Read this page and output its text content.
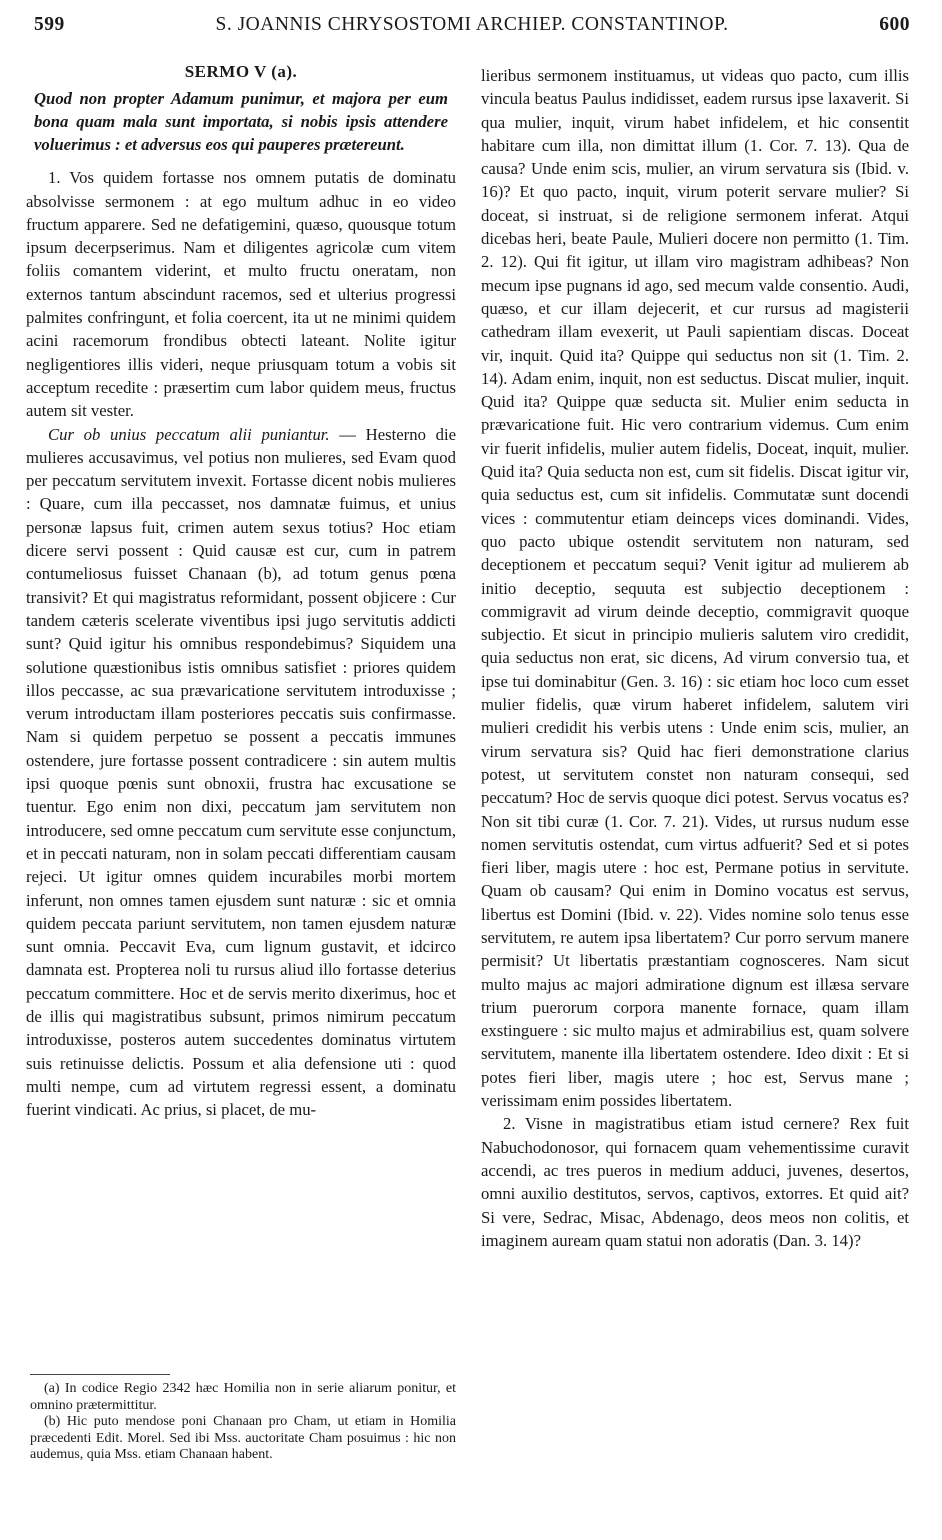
599	S. JOANNIS CHRYSOSTOMI ARCHIEP. CONSTANTINOP.	600
SERMO V (a).
Quod non propter Adamum punimur, et majora per eum bona quam mala sunt importata, si nobis ipsis attendere voluerimus : et adversus eos qui pauperes prætereunt.

1. Vos quidem fortasse nos omnem putatis de dominatu absolvisse sermonem : at ego multum adhuc in eo video fructum apparere. Sed ne defatigemini, quæso, quousque totum ipsum decerpserimus. Nam et diligentes agricolæ cum vitem foliis comantem viderint, et multo fructu oneratam, non externos tantum abscindunt racemos, sed et ulterius progressi palmites confringunt, et folia coercent, ita ut ne minimi quidem acini racemorum frondibus obtecti lateant. Nolite igitur negligentiores illis videri, neque priusquam totum a vobis sit acceptum recedite : præsertim cum labor quidem meus, fructus autem sit vester.

Cur ob unius peccatum alii puniantur. — Hesterno die mulieres accusavimus, vel potius non mulieres, sed Evam quod per peccatum servitutem invexit. Fortasse dicent nobis mulieres : Quare, cum illa peccasset, nos damnatæ fuimus, et unius personæ lapsus fuit, crimen autem sexus totius? Hoc etiam dicere servi possent : Quid causæ est cur, cum in patrem contumeliosus fuisset Chanaan (b), ad totum genus pœna transivit? Et qui magistratus reformidant, possent objicere : Cur tandem cæteris scelerate viventibus ipsi jugo servitutis addicti sunt? Quid igitur his omnibus respondebimus? Siquidem una solutione quæstionibus istis omnibus satisfiet : priores quidem illos peccasse, ac sua prævaricatione servitutem introduxisse ; verum introductam illam posteriores peccatis suis confirmasse. Nam si quidem perpetuo se possent a peccatis immunes ostendere, jure fortasse possent contradicere : sin autem multis ipsi quoque pœnis sunt obnoxii, frustra hac excusatione se tuentur. Ego enim non dixi, peccatum jam servitutem non introducere, sed omne peccatum cum servitute esse conjunctum, et in peccati naturam, non in solam peccati differentiam causam rejeci. Ut igitur omnes quidem incurabiles morbi mortem inferunt, non omnes tamen ejusdem sunt naturæ : sic et omnia quidem peccata pariunt servitutem, non tamen ejusdem naturæ sunt omnia. Peccavit Eva, cum lignum gustavit, et idcirco damnata est. Propterea noli tu rursus aliud illo fortasse deterius peccatum committere. Hoc et de servis merito dixerimus, hoc et de illis qui magistratibus subsunt, primos nimirum peccatum introduxisse, posteros autem succedentes dominatus virtutem suis retinuisse delictis. Possum et alia defensione uti : quod multi nempe, cum ad virtutem regressi essent, a dominatu fuerint vindicati. Ac prius, si placet, de mu-

(a) In codice Regio 2342 hæc Homilia non in serie aliarum ponitur, et omnino prætermittitur.

(b) Hic puto mendose poni Chanaan pro Cham, ut etiam in Homilia præcedenti Edit. Morel. Sed ibi Mss. auctoritate Cham posuimus : hic non audemus, quia Mss. etiam Chanaan habent.

lieribus sermonem instituamus, ut videas quo pacto, cum illis vincula beatus Paulus indidisset, eadem rursus ipse laxaverit. Si qua mulier, inquit, virum habet infidelem, et hic consentit habitare cum illa, non dimittat illum (1. Cor. 7. 13). Qua de causa? Unde enim scis, mulier, an virum servatura sis (Ibid. v. 16)? Et quo pacto, inquit, virum poterit servare mulier? Si doceat, si instruat, si de religione sermonem inferat. Atqui dicebas heri, beate Paule, Mulieri docere non permitto (1. Tim. 2. 12). Qui fit igitur, ut illam viro magistram adhibeas? Non mecum ipse pugnans id ago, sed mecum valde consentio. Audi, quæso, et cur illam dejecerit, et cur rursus ad magisterii cathedram illam evexerit, ut Pauli sapientiam discas. Doceat vir, inquit. Quid ita? Quippe qui seductus non sit (1. Tim. 2. 14). Adam enim, inquit, non est seductus. Discat mulier, inquit. Quid ita? Quippe quæ seducta sit. Mulier enim seducta in prævaricatione fuit. Hic vero contrarium videmus. Cum enim vir fuerit infidelis, mulier autem fidelis, Doceat, inquit, mulier. Quid ita? Quia seducta non est, cum sit fidelis. Discat igitur vir, quia seductus est, cum sit infidelis. Commutatæ sunt docendi vices : commutentur etiam deinceps vices dominandi. Vides, quo pacto ubique ostendit servitutem non naturam, sed deceptionem et peccatum sequi? Venit igitur ad mulierem ab initio deceptio, sequuta est subjectio deceptionem : commigravit ad virum deinde deceptio, commigravit quoque subjectio. Et sicut in principio mulieris salutem viro credidit, quia seductus non erat, sic dicens, Ad virum conversio tua, et ipse tui dominabitur (Gen. 3. 16) : sic etiam hoc loco cum esset mulier fidelis, quæ virum haberet infidelem, salutem viri mulieri credidit his verbis utens : Unde enim scis, mulier, an virum servatura sis? Quid hac fieri demonstratione clarius potest, ut servitutem constet non naturam consequi, sed peccatum? Hoc de servis quoque dici potest. Servus vocatus es? Non sit tibi curæ (1. Cor. 7. 21). Vides, ut rursus nudum esse nomen servitutis ostendat, cum virtus adfuerit? Sed et si potes fieri liber, magis utere : hoc est, Permane potius in servitute. Quam ob causam? Qui enim in Domino vocatus est servus, libertus est Domini (Ibid. v. 22). Vides nomine solo tenus esse servitutem, re autem ipsa libertatem? Cur porro servum manere permisit? Ut libertatis præstantiam cognosceres. Nam sicut multo majus ac majori admiratione dignum est illæsa servare trium puerorum corpora manente fornace, quam illam exstinguere : sic multo majus et admirabilius est, quam solvere servitutem, manente illa libertatem ostendere. Ideo dixit : Et si potes fieri liber, magis utere ; hoc est, Servus mane ; verissimam enim possides libertatem.

2. Visne in magistratibus etiam istud cernere? Rex fuit Nabuchodonosor, qui fornacem quam vehementissime curavit accendi, ac tres pueros in medium adduci, juvenes, desertos, omni auxilio destitutos, servos, captivos, extorres. Et quid ait? Si vere, Sedrac, Misac, Abdenago, deos meos non colitis, et imaginem auream quam statui non adoratis (Dan. 3. 14)?
